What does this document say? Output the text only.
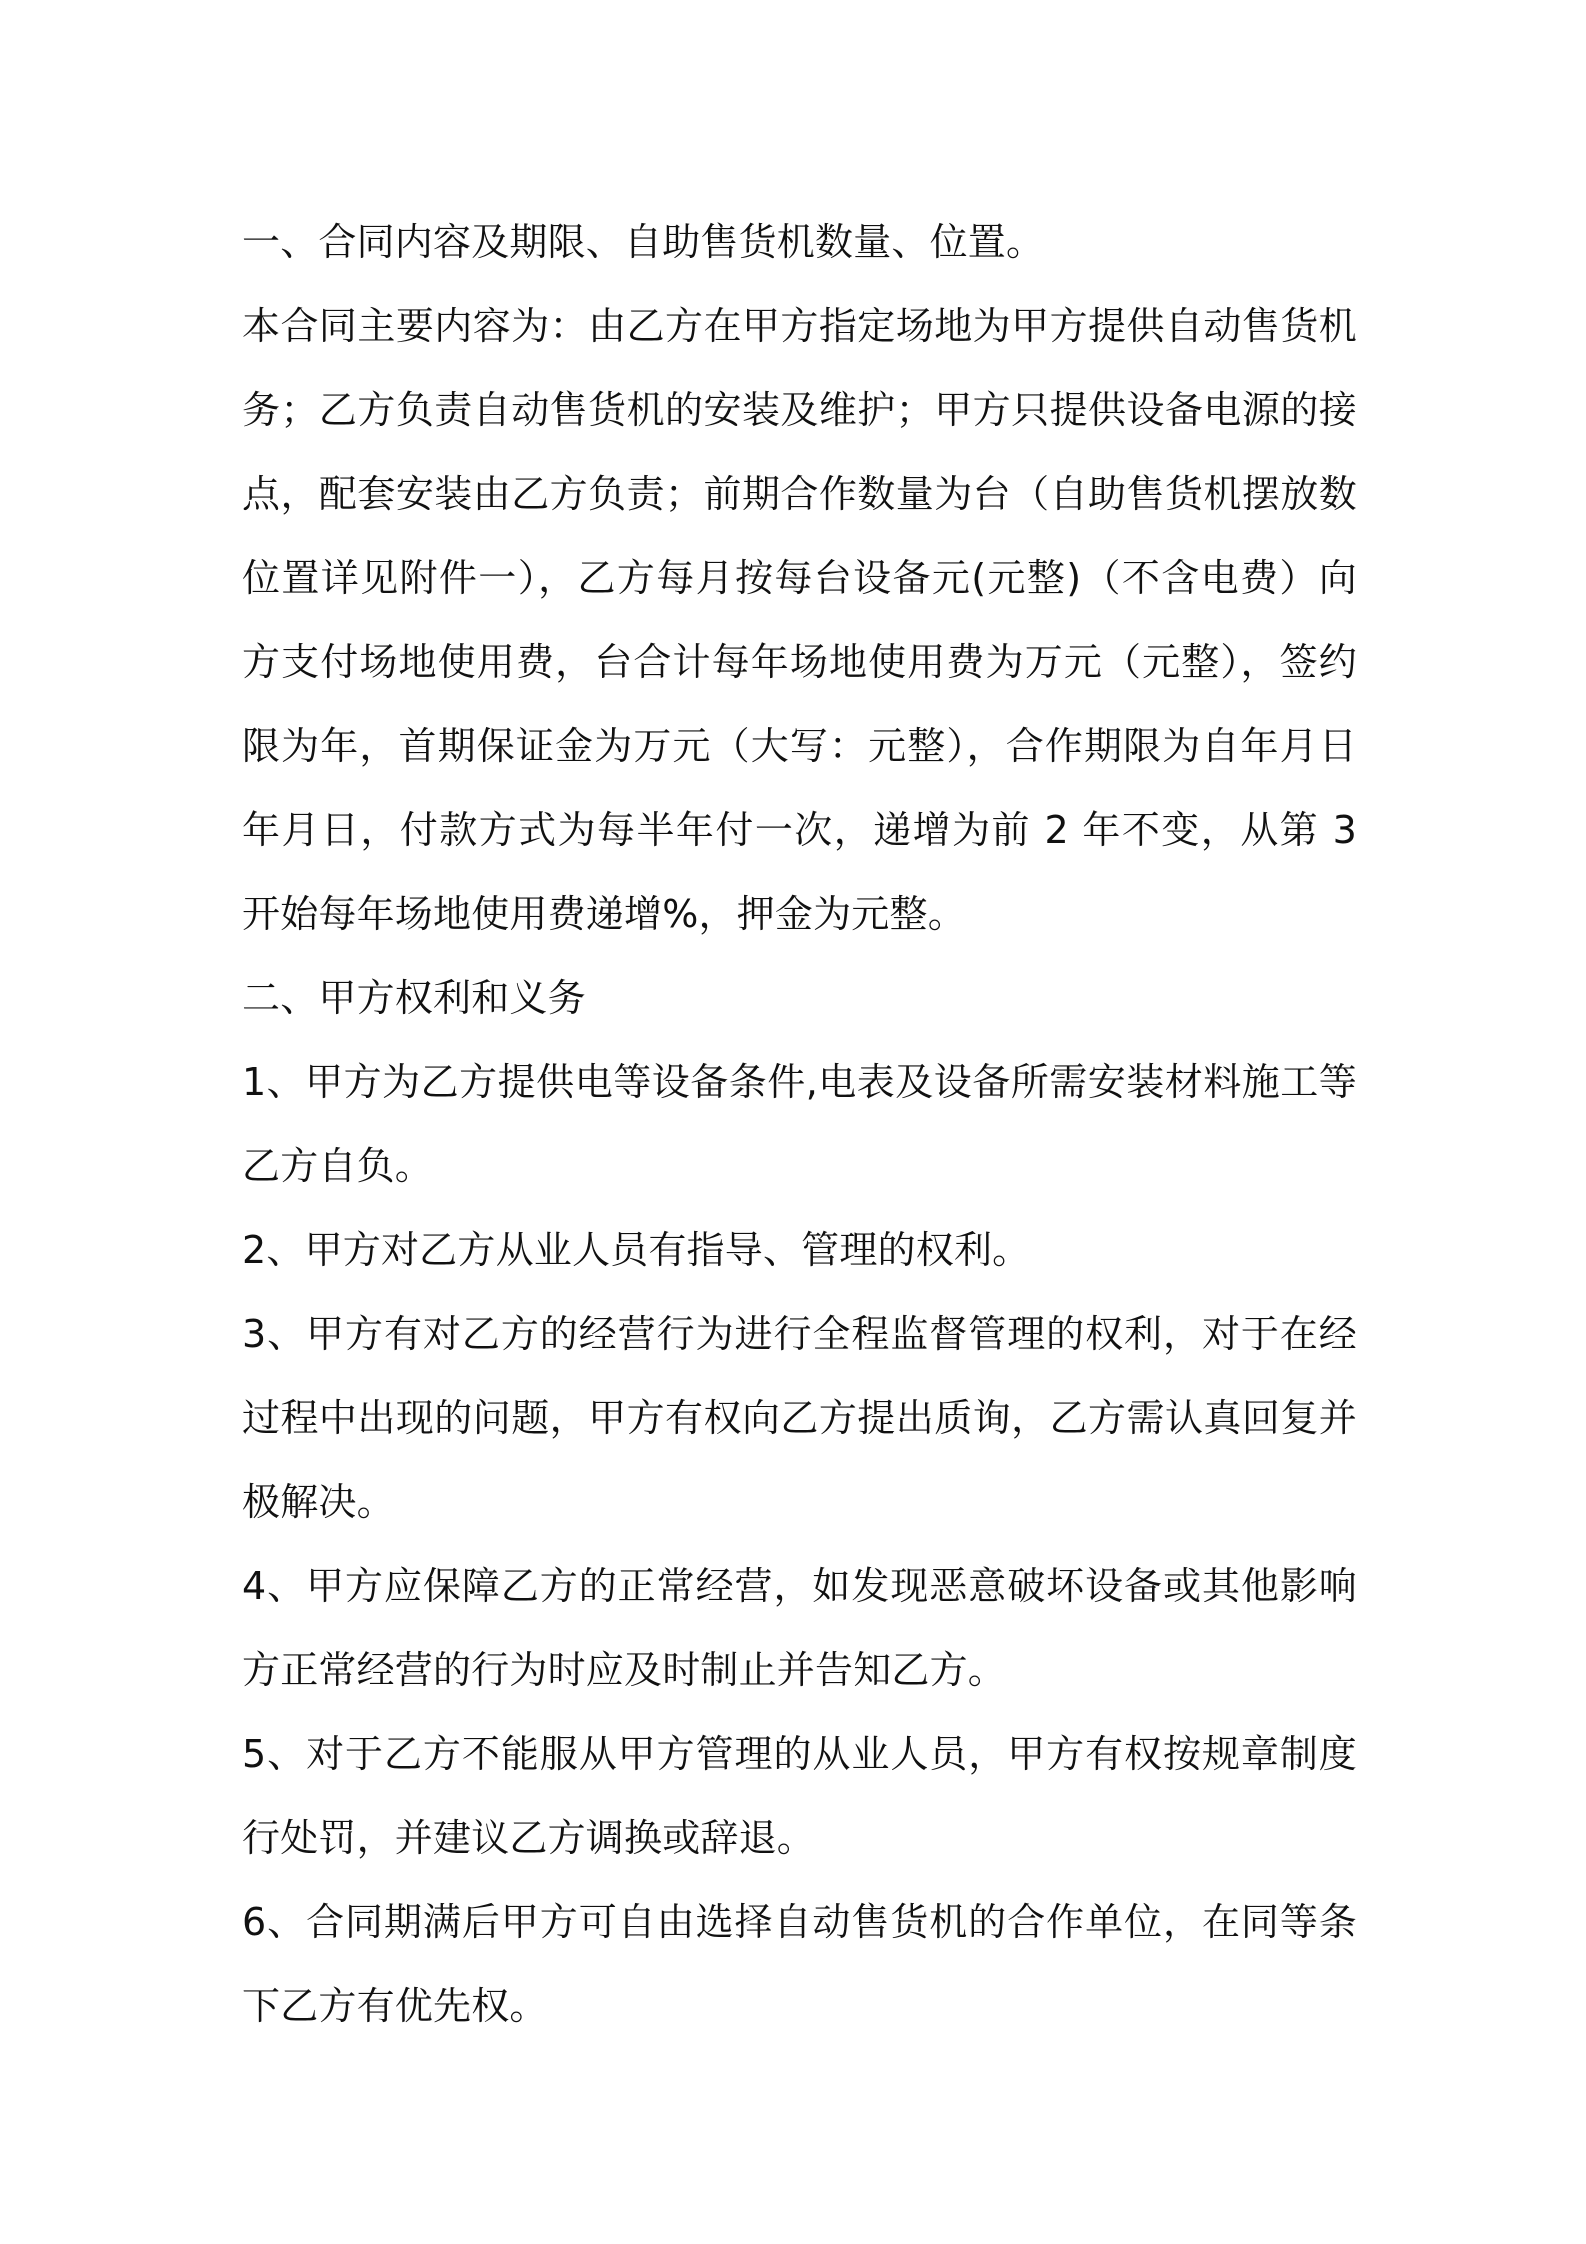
一、合同内容及期限、自助售货机数量、位置。
本合同主要内容为：由乙方在甲方指定场地为甲方提供自动售货机
务；乙方负责自动售货机的安装及维护；甲方只提供设备电源的接
点，配套安装由乙方负责；前期合作数量为台（自助售货机摆放数
位置详见附件一），乙方每月按每台设备元(元整)（不含电费）向
方支付场地使用费，台合计每年场地使用费为万元（元整），签约
限为年，首期保证金为万元（大写：元整），合作期限为自年月日
年月日，付款方式为每半年付一次，递增为前 2 年不变，从第 3
开始每年场地使用费递增%，押金为元整。
二、甲方权利和义务
1、甲方为乙方提供电等设备条件,电表及设备所需安装材料施工等
乙方自负。
2、甲方对乙方从业人员有指导、管理的权利。
3、甲方有对乙方的经营行为进行全程监督管理的权利，对于在经
过程中出现的问题，甲方有权向乙方提出质询，乙方需认真回复并
极解决。
4、甲方应保障乙方的正常经营，如发现恶意破坏设备或其他影响
方正常经营的行为时应及时制止并告知乙方。
5、对于乙方不能服从甲方管理的从业人员，甲方有权按规章制度
行处罚，并建议乙方调换或辞退。
6、合同期满后甲方可自由选择自动售货机的合作单位，在同等条
下乙方有优先权。
